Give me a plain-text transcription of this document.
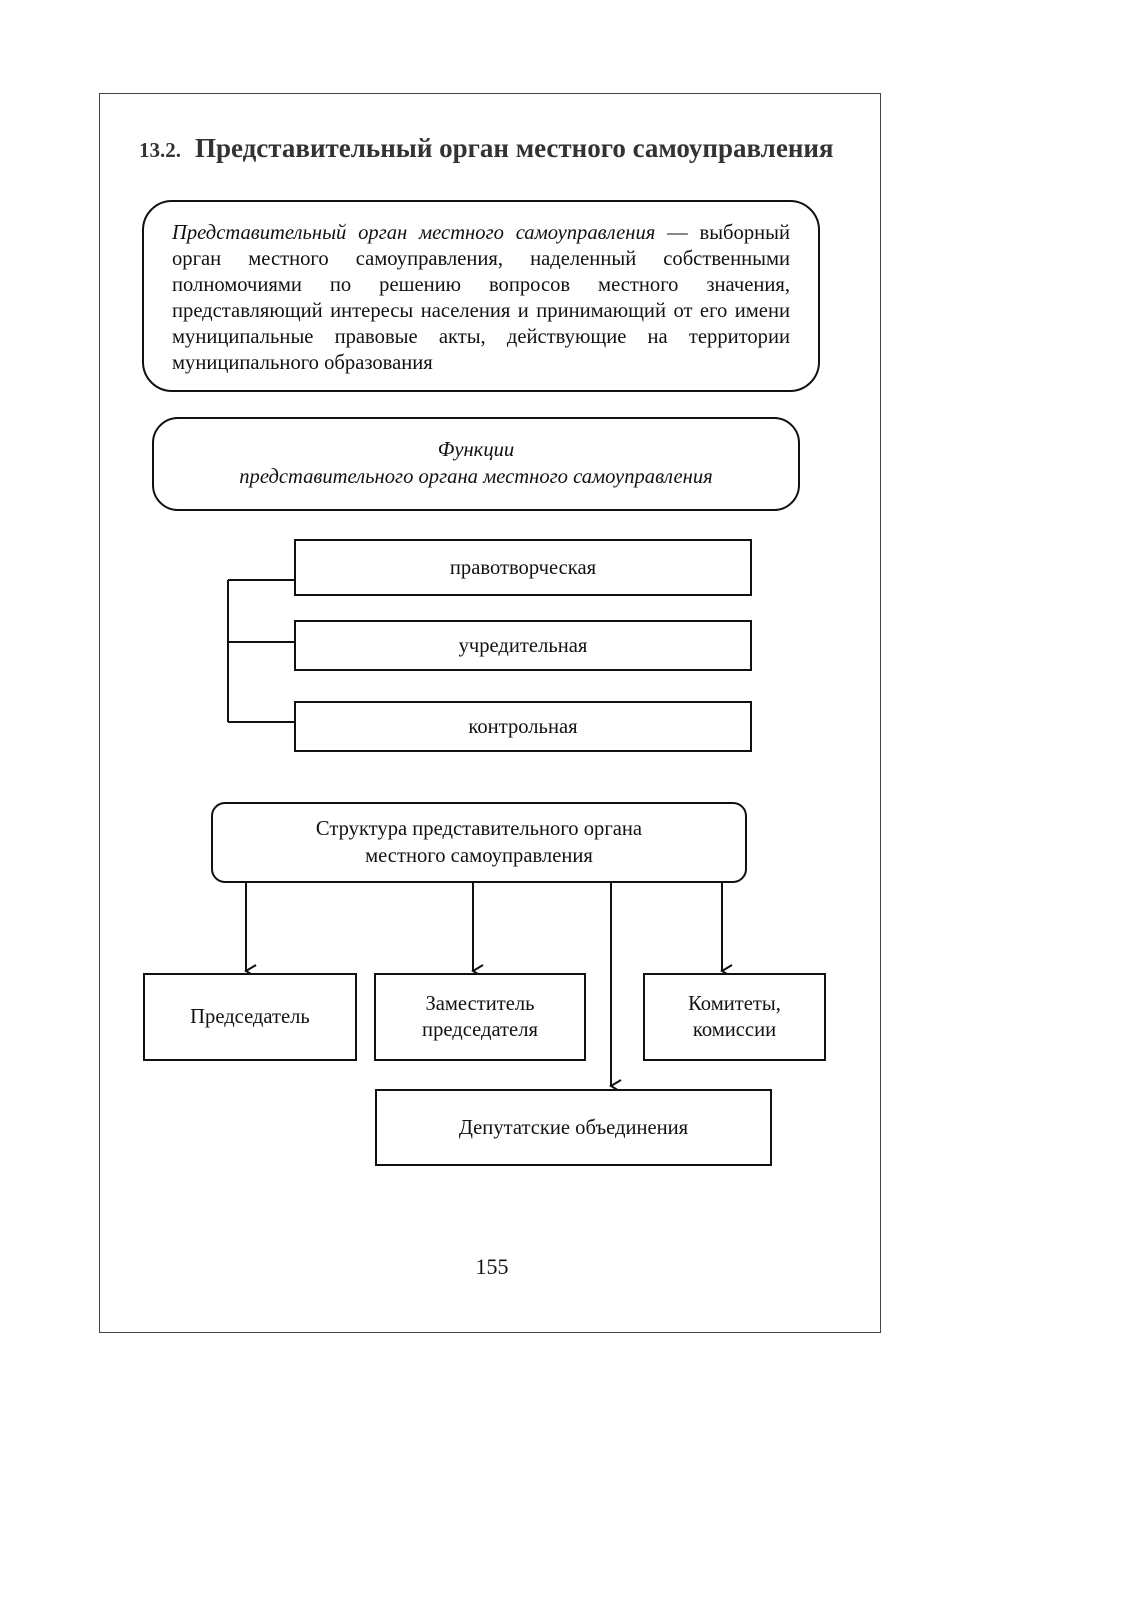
13.2. Представительный орган местного самоуправления

Представительный орган местного самоуправления — выборный орган местного самоуправления, наделенный собственными полномочиями по решению вопросов местного значения, представляющий интересы населения и принимающий от его имени муниципальные правовые акты, действующие на территории муниципального образования

Функции
представительного органа местного самоуправления
правотворческая
учредительная
контрольная
Структура представительного органа
местного самоуправления
Председатель
Заместитель председателя
Комитеты, комиссии
Депутатские объединения
155
